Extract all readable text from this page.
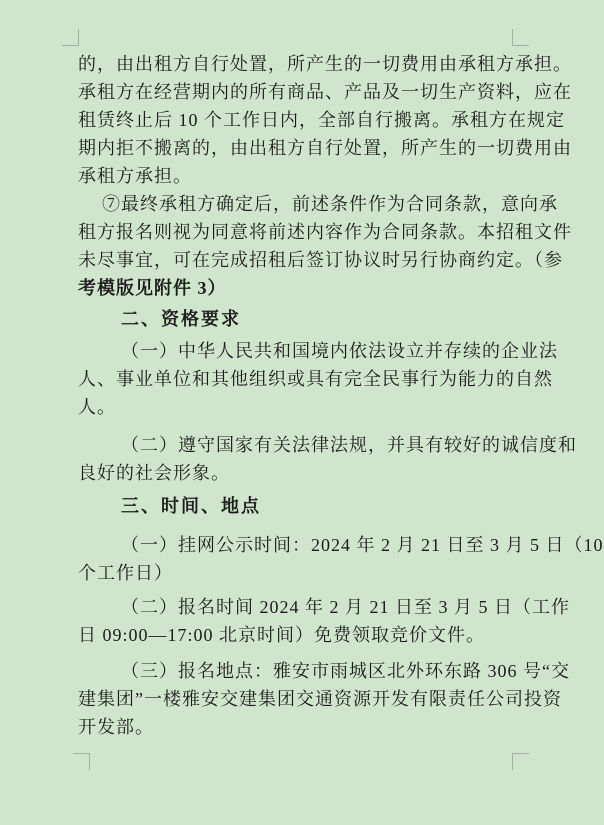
的，由出租方自行处置，所产生的一切费用由承租方承担。
承租方在经营期内的所有商品、产品及一切生产资料，应在
租赁终止后 10 个工作日内，全部自行搬离。承租方在规定
期内拒不搬离的，由出租方自行处置，所产生的一切费用由
承租方承担。
⑦最终承租方确定后，前述条件作为合同条款，意向承
租方报名则视为同意将前述内容作为合同条款。本招租文件
未尽事宜，可在完成招租后签订协议时另行协商约定。（参
考模版见附件 3）
二、资格要求
（一）中华人民共和国境内依法设立并存续的企业法
人、事业单位和其他组织或具有完全民事行为能力的自然
人。
（二）遵守国家有关法律法规，并具有较好的诚信度和
良好的社会形象。
三、时间、地点
（一）挂网公示时间：2024 年 2 月 21 日至 3 月 5 日（10
个工作日）
（二）报名时间 2024 年 2 月 21 日至 3 月 5 日（工作
日 09:00—17:00 北京时间）免费领取竞价文件。
（三）报名地点：雅安市雨城区北外环东路 306 号“交
建集团”一楼雅安交建集团交通资源开发有限责任公司投资
开发部。
